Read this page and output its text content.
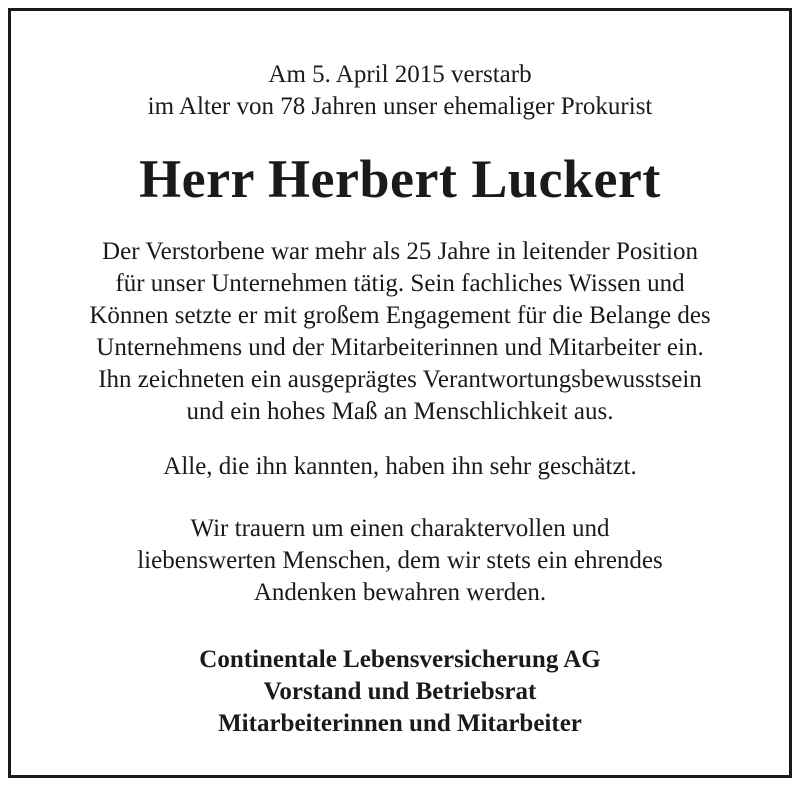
Am 5. April 2015 verstarb
im Alter von 78 Jahren unser ehemaliger Prokurist
Herr Herbert Luckert
Der Verstorbene war mehr als 25 Jahre in leitender Position
für unser Unternehmen tätig. Sein fachliches Wissen und
Können setzte er mit großem Engagement für die Belange des
Unternehmens und der Mitarbeiterinnen und Mitarbeiter ein.
Ihn zeichneten ein ausgeprägtes Verantwortungsbewusstsein
und ein hohes Maß an Menschlichkeit aus.
Alle, die ihn kannten, haben ihn sehr geschätzt.
Wir trauern um einen charaktervollen und
liebenswerten Menschen, dem wir stets ein ehrendes
Andenken bewahren werden.
Continentale Lebensversicherung AG
Vorstand und Betriebsrat
Mitarbeiterinnen und Mitarbeiter
